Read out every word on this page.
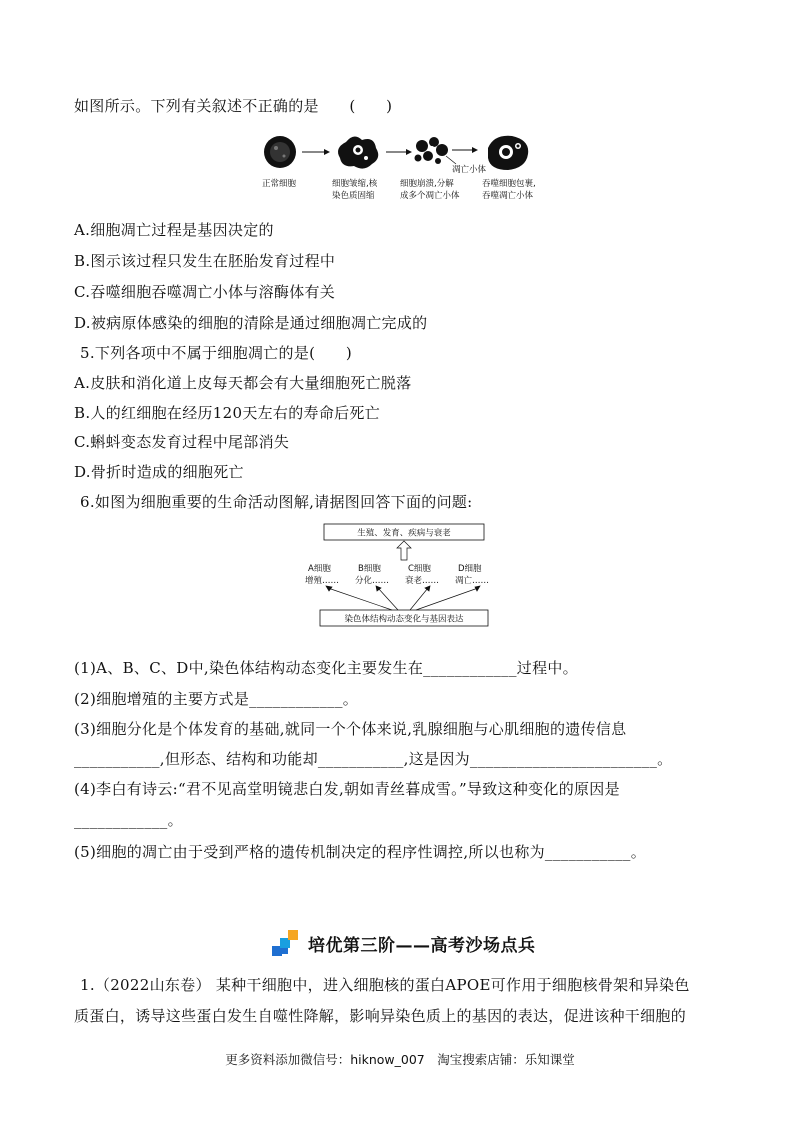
如图所示。下列有关叙述不正确的是　　(　　)
凋亡小体
正常细胞	细胞皱缩,核
染色质固缩
细胞崩溃,分解
成多个凋亡小体
吞噬细胞包裹,
吞噬凋亡小体
A.细胞凋亡过程是基因决定的
B.图示该过程只发生在胚胎发育过程中
C.吞噬细胞吞噬凋亡小体与溶酶体有关
D.被病原体感染的细胞的清除是通过细胞凋亡完成的
5.下列各项中不属于细胞凋亡的是(　　)
A.皮肤和消化道上皮每天都会有大量细胞死亡脱落
B.人的红细胞在经历120天左右的寿命后死亡
C.蝌蚪变态发育过程中尾部消失
D.骨折时造成的细胞死亡
6.如图为细胞重要的生命活动图解,请据图回答下面的问题:
生殖、发育、疾病与衰老
A细胞
增殖……
B细胞
分化……
C细胞
衰老……
D细胞
凋亡……
染色体结构动态变化与基因表达
(1)A、B、C、D中,染色体结构动态变化主要发生在____________过程中。
(2)细胞增殖的主要方式是____________。
(3)细胞分化是个体发育的基础,就同一个个体来说,乳腺细胞与心肌细胞的遗传信息
___________,但形态、结构和功能却___________,这是因为________________________。
(4)李白有诗云:“君不见高堂明镜悲白发,朝如青丝暮成雪。”导致这种变化的原因是
____________。
(5)细胞的凋亡由于受到严格的遗传机制决定的程序性调控,所以也称为___________。
培优第三阶——高考沙场点兵
1.（2022山东卷） 某种干细胞中，进入细胞核的蛋白APOE可作用于细胞核骨架和异染色
质蛋白，诱导这些蛋白发生自噬性降解，影响异染色质上的基因的表达，促进该种干细胞的
更多资料添加微信号：hiknow_007　淘宝搜索店铺：乐知课堂
